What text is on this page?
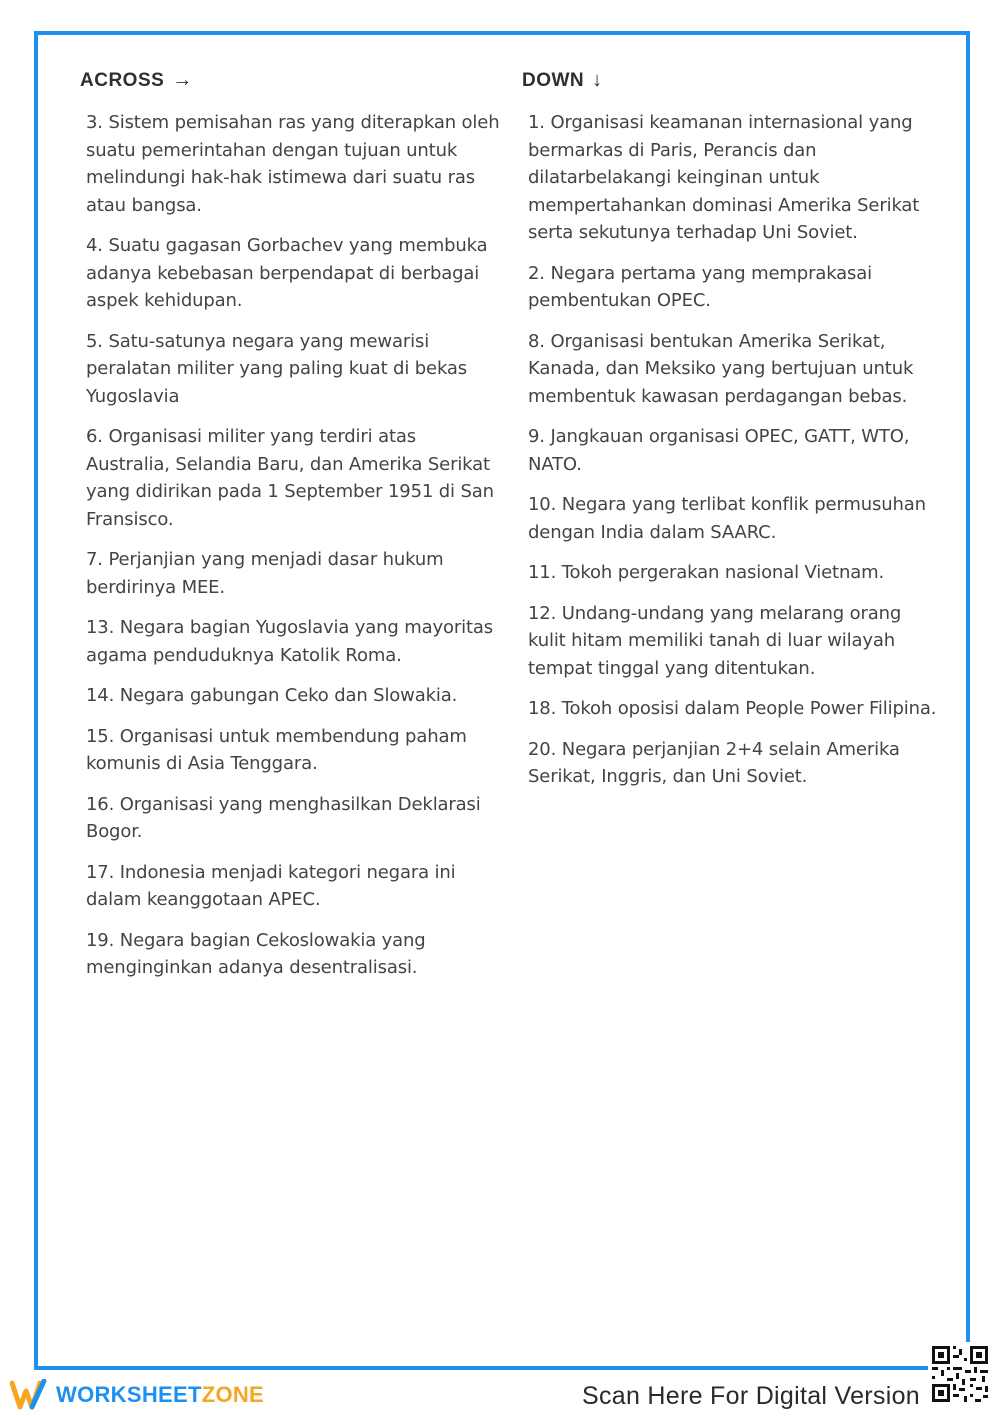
ACROSS →
3. Sistem pemisahan ras yang diterapkan oleh suatu pemerintahan dengan tujuan untuk melindungi hak-hak istimewa dari suatu ras atau bangsa.
4. Suatu gagasan Gorbachev yang membuka adanya kebebasan berpendapat di berbagai aspek kehidupan.
5. Satu-satunya negara yang mewarisi peralatan militer yang paling kuat di bekas Yugoslavia
6. Organisasi militer yang terdiri atas Australia, Selandia Baru, dan Amerika Serikat yang didirikan pada 1 September 1951 di San Fransisco.
7. Perjanjian yang menjadi dasar hukum berdirinya MEE.
13. Negara bagian Yugoslavia yang mayoritas agama penduduknya Katolik Roma.
14. Negara gabungan Ceko dan Slowakia.
15. Organisasi untuk membendung paham komunis di Asia Tenggara.
16. Organisasi yang menghasilkan Deklarasi Bogor.
17. Indonesia menjadi kategori negara ini dalam keanggotaan APEC.
19. Negara bagian Cekoslowakia yang menginginkan adanya desentralisasi.
DOWN ↓
1. Organisasi keamanan internasional yang bermarkas di Paris, Perancis dan dilatarbelakangi keinginan untuk mempertahankan dominasi Amerika Serikat serta sekutunya terhadap Uni Soviet.
2. Negara pertama yang memprakasai pembentukan OPEC.
8. Organisasi bentukan Amerika Serikat, Kanada, dan Meksiko yang bertujuan untuk membentuk kawasan perdagangan bebas.
9. Jangkauan organisasi OPEC, GATT, WTO, NATO.
10. Negara yang terlibat konflik permusuhan dengan India dalam SAARC.
11. Tokoh pergerakan nasional Vietnam.
12. Undang-undang yang melarang orang kulit hitam memiliki tanah di luar wilayah tempat tinggal yang ditentukan.
18. Tokoh oposisi dalam People Power Filipina.
20. Negara perjanjian 2+4 selain Amerika Serikat, Inggris, dan Uni Soviet.
WORKSHEETZONE	Scan Here For Digital Version
